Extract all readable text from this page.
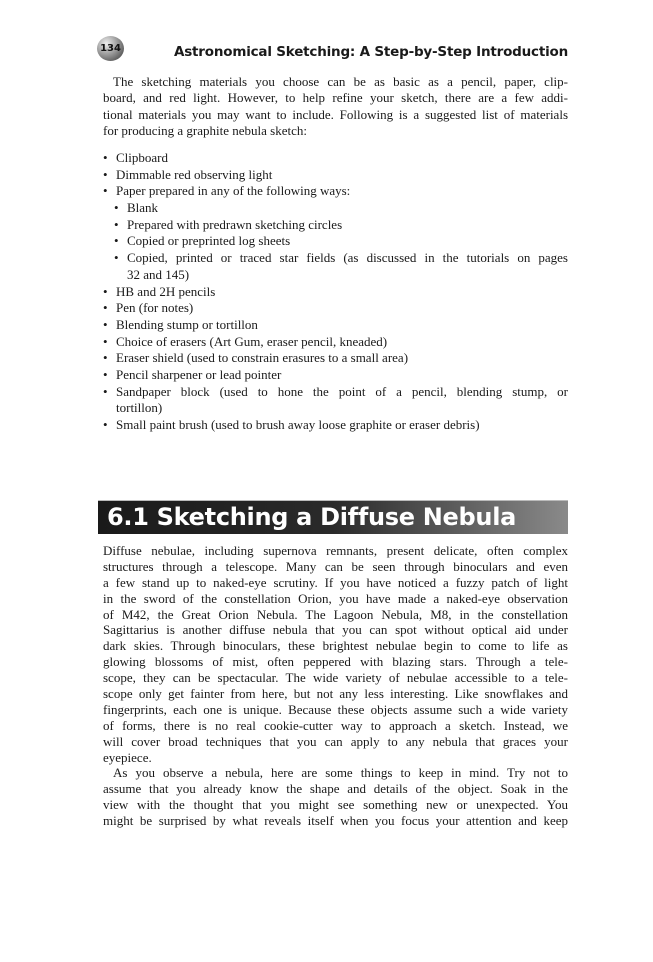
134	Astronomical Sketching: A Step-by-Step Introduction
The sketching materials you choose can be as basic as a pencil, paper, clip-
board, and red light. However, to help refine your sketch, there are a few addi-
tional materials you may want to include. Following is a suggested list of materials
for producing a graphite nebula sketch:
• Clipboard
• Dimmable red observing light
• Paper prepared in any of the following ways:
• Blank
• Prepared with predrawn sketching circles
• Copied or preprinted log sheets
• Copied, printed or traced star fields (as discussed in the tutorials on pages
32 and 145)
• HB and 2H pencils
• Pen (for notes)
• Blending stump or tortillon
• Choice of erasers (Art Gum, eraser pencil, kneaded)
• Eraser shield (used to constrain erasures to a small area)
• Pencil sharpener or lead pointer
• Sandpaper block (used to hone the point of a pencil, blending stump, or
tortillon)
• Small paint brush (used to brush away loose graphite or eraser debris)
6.1 Sketching a Diffuse Nebula
Diffuse nebulae, including supernova remnants, present delicate, often complex
structures through a telescope. Many can be seen through binoculars and even
a few stand up to naked-eye scrutiny. If you have noticed a fuzzy patch of light
in the sword of the constellation Orion, you have made a naked-eye observation
of M42, the Great Orion Nebula. The Lagoon Nebula, M8, in the constellation
Sagittarius is another diffuse nebula that you can spot without optical aid under
dark skies. Through binoculars, these brightest nebulae begin to come to life as
glowing blossoms of mist, often peppered with blazing stars. Through a tele-
scope, they can be spectacular. The wide variety of nebulae accessible to a tele-
scope only get fainter from here, but not any less interesting. Like snowflakes and
fingerprints, each one is unique. Because these objects assume such a wide variety
of forms, there is no real cookie-cutter way to approach a sketch. Instead, we
will cover broad techniques that you can apply to any nebula that graces your
eyepiece.
As you observe a nebula, here are some things to keep in mind. Try not to
assume that you already know the shape and details of the object. Soak in the
view with the thought that you might see something new or unexpected. You
might be surprised by what reveals itself when you focus your attention and keep
